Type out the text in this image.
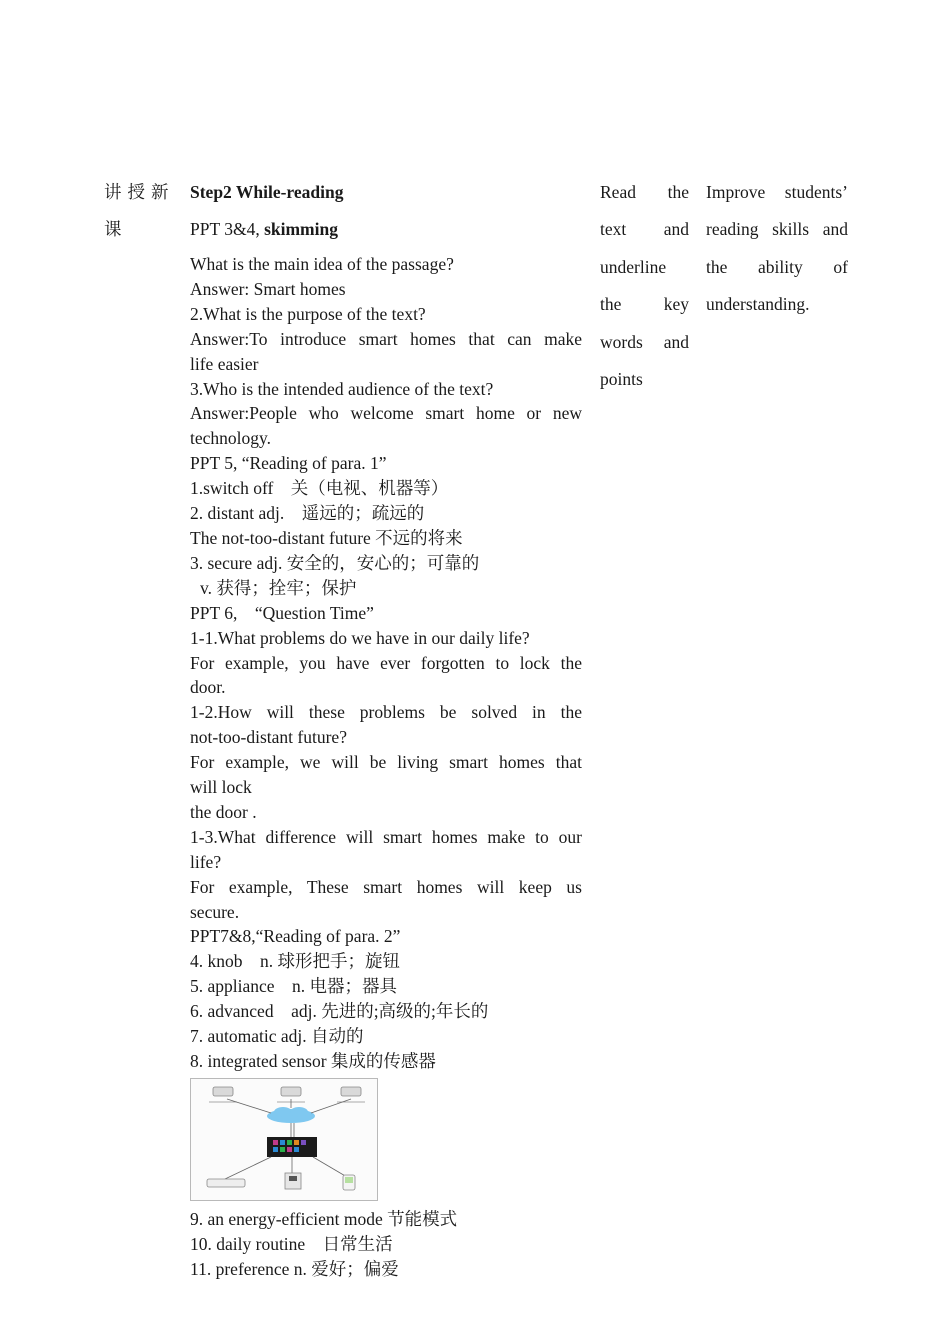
讲授新
课
Step2 While-reading
PPT 3&4, skimming
What is the main idea of the passage?
Answer: Smart homes
2.What is the purpose of the text?
Answer:To introduce smart homes that can make
life easier
3.Who is the intended audience of the text?
Answer:People who welcome smart home or new
technology.
PPT 5, “Reading of para. 1”
1.switch off　关（电视、机器等）
2. distant adj.　遥远的；疏远的
The not-too-distant future 不远的将来
3. secure adj. 安全的，安心的；可靠的
v. 获得；拴牢；保护
PPT 6,　“Question Time”
1-1.What problems do we have in our daily life?
For example, you have ever forgotten to lock the
door.
1-2.How will these problems be solved in the
not-too-distant future?
For example, we will be living smart homes that
will lock
the door .
1-3.What difference will smart homes make to our
life?
For example, These smart homes will keep us
secure.
PPT7&8,“Reading of para. 2”
4. knob　n. 球形把手；旋钮
5. appliance　n. 电器；器具
6. advanced　adj. 先进的;高级的;年长的
7. automatic adj. 自动的
8. integrated sensor 集成的传感器
9. an energy-efficient mode 节能模式
10. daily routine　日常生活
11. preference n. 爱好；偏爱
Read the
text and
underline
the key
words and
points
Improve students’
reading skills and
the ability of
understanding.
